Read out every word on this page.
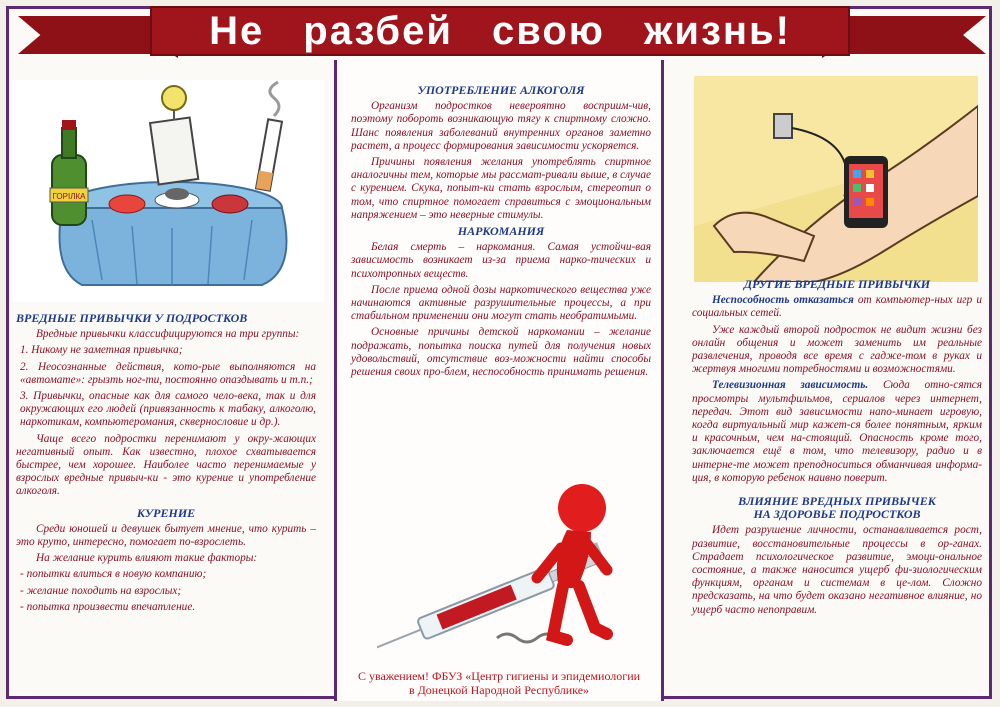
Не разбей свою жизнь!
ГОРІЛКА
ВРЕДНЫЕ ПРИВЫЧКИ У ПОДРОСТКОВ

Вредные привычки классифицируются на три группы:

1. Никому не заметная привычка;

2. Неосознанные действия, кото-рые выполняются на «автомате»: грызть ног-ти, постоянно опаздывать и т.п.;

3. Привычки, опасные как для самого чело-века, так и для окружающих его людей (привязанность к табаку, алкоголю, наркотикам, компьютеромания, сквернословие и др.).

Чаще всего подростки перенимают у окру-жающих негативный опыт. Как известно, плохое схватывается быстрее, чем хорошее. Наиболее часто перенимаемые у взрослых вредные привыч-ки - это курение и употребление алкоголя.

КУРЕНИЕ

Среди юношей и девушек бытует мнение, что курить – это круто, интересно, помогает по-взрослеть.

На желание курить влияют такие факторы:

- попытки влиться в новую компанию;

- желание походить на взрослых;

- попытка произвести впечатление.

УПОТРЕБЛЕНИЕ АЛКОГОЛЯ

Организм подростков невероятно восприим-чив, поэтому побороть возникающую тягу к спиртному сложно. Шанс появления заболеваний внутренних органов заметно растет, а процесс формирования зависимости ускоряется.

Причины появления желания употреблять спиртное аналогичны тем, которые мы рассмат-ривали выше, в случае с курением. Скука, попыт-ки стать взрослым, стереотип о том, что спиртное помогает справиться с эмоциональным напряжением – это неверные стимулы.

НАРКОМАНИЯ

Белая смерть – наркомания. Самая устойчи-вая зависимость возникает из-за приема нарко-тических и психотропных веществ.

После приема одной дозы наркотического вещества уже начинаются активные разрушительные процессы, а при стабильном применении они могут стать необратимыми.

Основные причины детской наркомании – желание подражать, попытка поиска путей для получения новых удовольствий, отсутствие воз-можности найти способы решения своих про-блем, неспособность принимать решения.

С уважением! ФБУЗ «Центр гигиены и эпидемиологии
в Донецкой Народной Республике»
ДРУГИЕ ВРЕДНЫЕ ПРИВЫЧКИ

Неспособность отказаться от компьютер-ных игр и социальных сетей.

Уже каждый второй подросток не видит жизни без онлайн общения и может заменить им реальные развлечения, проводя все время с гадже-том в руках и жертвуя многими потребностями и возможностями.

Телевизионная зависимость. Сюда отно-сятся просмотры мультфильмов, сериалов через интернет, передач. Этот вид зависимости напо-минает игровую, когда виртуальный мир кажет-ся более понятным, ярким и красочным, чем на-стоящий. Опасность кроме того, заключается ещё в том, что телевизору, радио и в интерне-те может преподноситься обманчивая информа-ция, в которую ребенок наивно поверит.

ВЛИЯНИЕ ВРЕДНЫХ ПРИВЫЧЕК
НА ЗДОРОВЬЕ ПОДРОСТКОВ

Идет разрушение личности, останавливается рост, развитие, восстановительные процессы в ор-ганах. Страдает психологическое развитие, эмоци-ональное состояние, а также наносится ущерб фи-зиологическим функциям, органам и системам в це-лом. Сложно предсказать, на что будет оказано негативное влияние, но ущерб часто непоправим.
